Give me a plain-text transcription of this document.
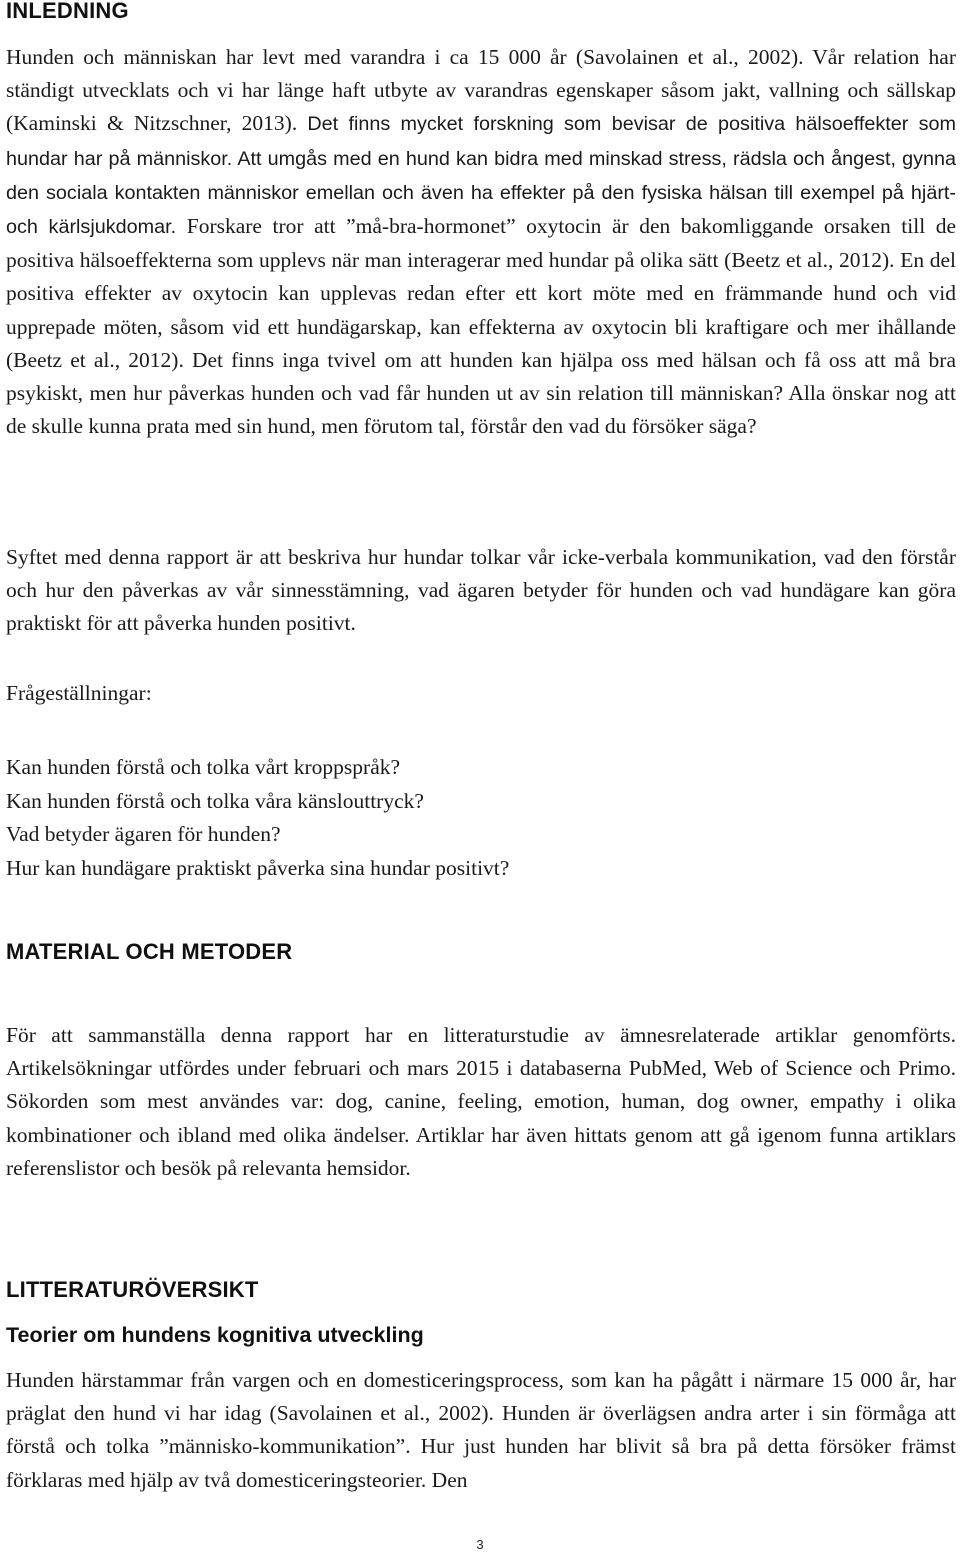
INLEDNING

Hunden och människan har levt med varandra i ca 15 000 år (Savolainen et al., 2002). Vår relation har ständigt utvecklats och vi har länge haft utbyte av varandras egenskaper såsom jakt, vallning och sällskap (Kaminski & Nitzschner, 2013). Det finns mycket forskning som bevisar de positiva hälsoeffekter som hundar har på människor. Att umgås med en hund kan bidra med minskad stress, rädsla och ångest, gynna den sociala kontakten människor emellan och även ha effekter på den fysiska hälsan till exempel på hjärt- och kärlsjukdomar. Forskare tror att ”må-bra-hormonet” oxytocin är den bakomliggande orsaken till de positiva hälsoeffekterna som upplevs när man interagerar med hundar på olika sätt (Beetz et al., 2012). En del positiva effekter av oxytocin kan upplevas redan efter ett kort möte med en främmande hund och vid upprepade möten, såsom vid ett hundägarskap, kan effekterna av oxytocin bli kraftigare och mer ihållande (Beetz et al., 2012). Det finns inga tvivel om att hunden kan hjälpa oss med hälsan och få oss att må bra psykiskt, men hur påverkas hunden och vad får hunden ut av sin relation till människan? Alla önskar nog att de skulle kunna prata med sin hund, men förutom tal, förstår den vad du försöker säga?

Syftet med denna rapport är att beskriva hur hundar tolkar vår icke-verbala kommunikation, vad den förstår och hur den påverkas av vår sinnesstämning, vad ägaren betyder för hunden och vad hundägare kan göra praktiskt för att påverka hunden positivt.

Frågeställningar:

Kan hunden förstå och tolka vårt kroppspråk?
Kan hunden förstå och tolka våra känslouttryck?
Vad betyder ägaren för hunden?
Hur kan hundägare praktiskt påverka sina hundar positivt?
MATERIAL OCH METODER

För att sammanställa denna rapport har en litteraturstudie av ämnesrelaterade artiklar genomförts. Artikelsökningar utfördes under februari och mars 2015 i databaserna PubMed, Web of Science och Primo. Sökorden som mest användes var: dog, canine, feeling, emotion, human, dog owner, empathy i olika kombinationer och ibland med olika ändelser. Artiklar har även hittats genom att gå igenom funna artiklars referenslistor och besök på relevanta hemsidor.

LITTERATURÖVERSIKT
Teorier om hundens kognitiva utveckling

Hunden härstammar från vargen och en domesticeringsprocess, som kan ha pågått i närmare 15 000 år, har präglat den hund vi har idag (Savolainen et al., 2002). Hunden är överlägsen andra arter i sin förmåga att förstå och tolka ”människo-kommunikation”. Hur just hunden har blivit så bra på detta försöker främst förklaras med hjälp av två domesticeringsteorier. Den

3
